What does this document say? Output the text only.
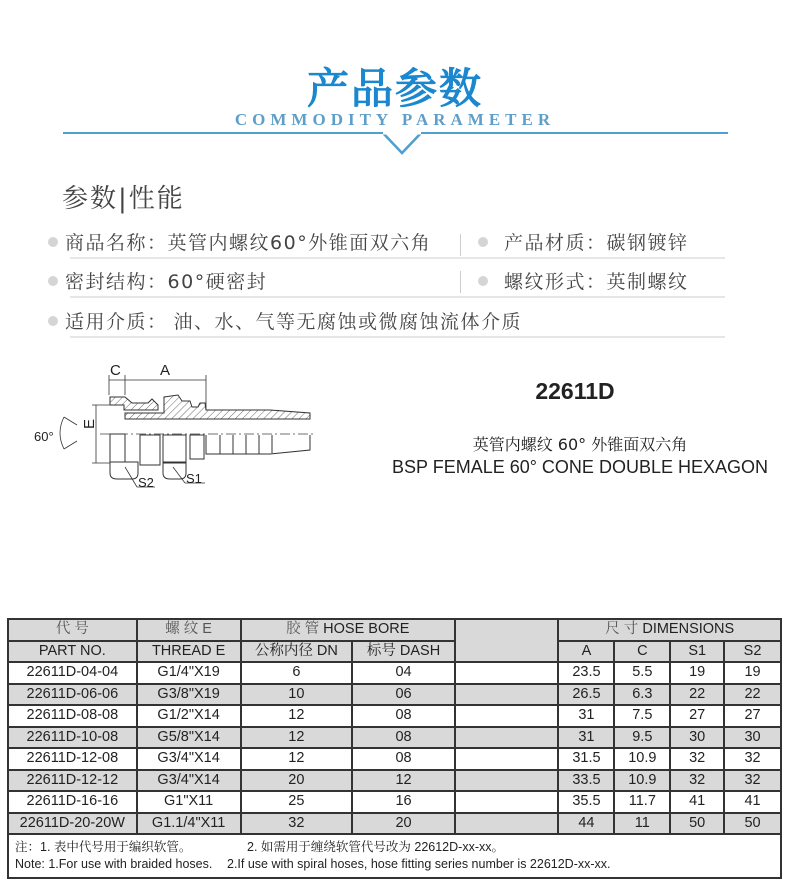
产品参数
COMMODITY PARAMETER
参数|性能
商品名称：英管内螺纹60°外锥面双六角	产品材质：碳钢镀锌
密封结构：60°硬密封	螺纹形式：英制螺纹
适用介质： 油、水、气等无腐蚀或微腐蚀流体介质
C	A
E
60°
S2 S1
22611D
英管内螺纹 60° 外锥面双六角
BSP FEMALE 60° CONE DOUBLE HEXAGON
代 号	螺 纹 E	胶 管 HOSE BORE			尺 寸 DIMENSIONS			
PART NO.	THREAD E	公称内径 DN	标号 DASH		A	C	S1	S2
22611D-04-04	G1/4"X19	6	04		23.5	5.5	19	19
22611D-06-06	G3/8"X19	10	06		26.5	6.3	22	22
22611D-08-08	G1/2"X14	12	08		31	7.5	27	27
22611D-10-08	G5/8"X14	12	08		31	9.5	30	30
22611D-12-08	G3/4"X14	12	08		31.5	10.9	32	32
22611D-12-12	G3/4"X14	20	12		33.5	10.9	32	32
22611D-16-16	G1"X11	25	16		35.5	11.7	41	41
22611D-20-20W	G1.1/4"X11	32	20		44	11	50	50

注：1. 表中代号用于编织软管。 2. 如需用于缠绕软管代号改为 22612D-xx-xx。
Note: 1.For use with braided hoses. 2.If use with spiral hoses, hose fitting series number is 22612D-xx-xx.								
